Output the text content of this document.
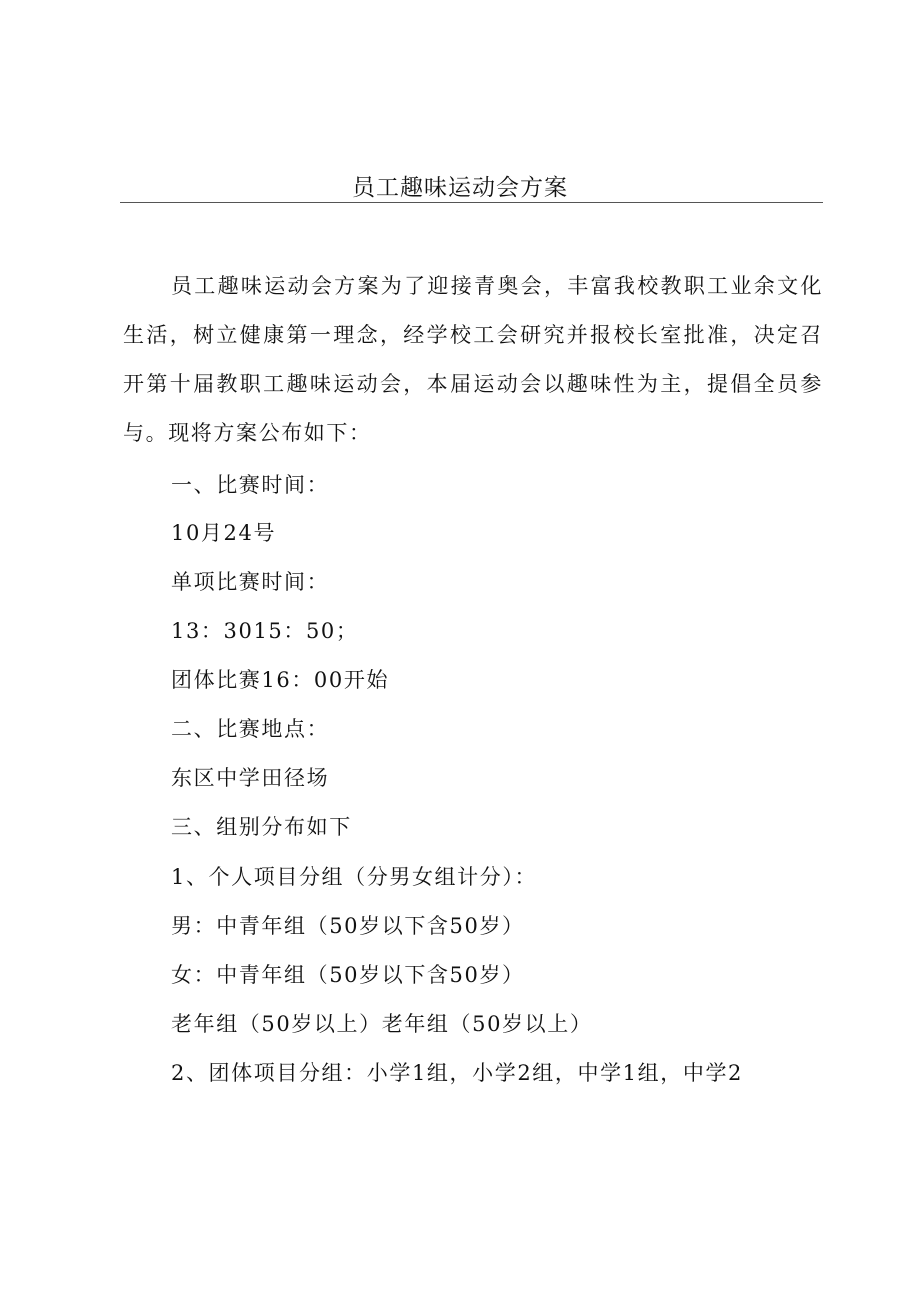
员工趣味运动会方案

员工趣味运动会方案为了迎接青奥会，丰富我校教职工业余文化生活，树立健康第一理念，经学校工会研究并报校长室批准，决定召开第十届教职工趣味运动会，本届运动会以趣味性为主，提倡全员参与。现将方案公布如下：

一、比赛时间：

10月24号

单项比赛时间：

13：3015：50；

团体比赛16：00开始

二、比赛地点：

东区中学田径场

三、组别分布如下

1、个人项目分组（分男女组计分）：

男：中青年组（50岁以下含50岁）

女：中青年组（50岁以下含50岁）

老年组（50岁以上）老年组（50岁以上）

2、团体项目分组：小学1组，小学2组，中学1组，中学2
